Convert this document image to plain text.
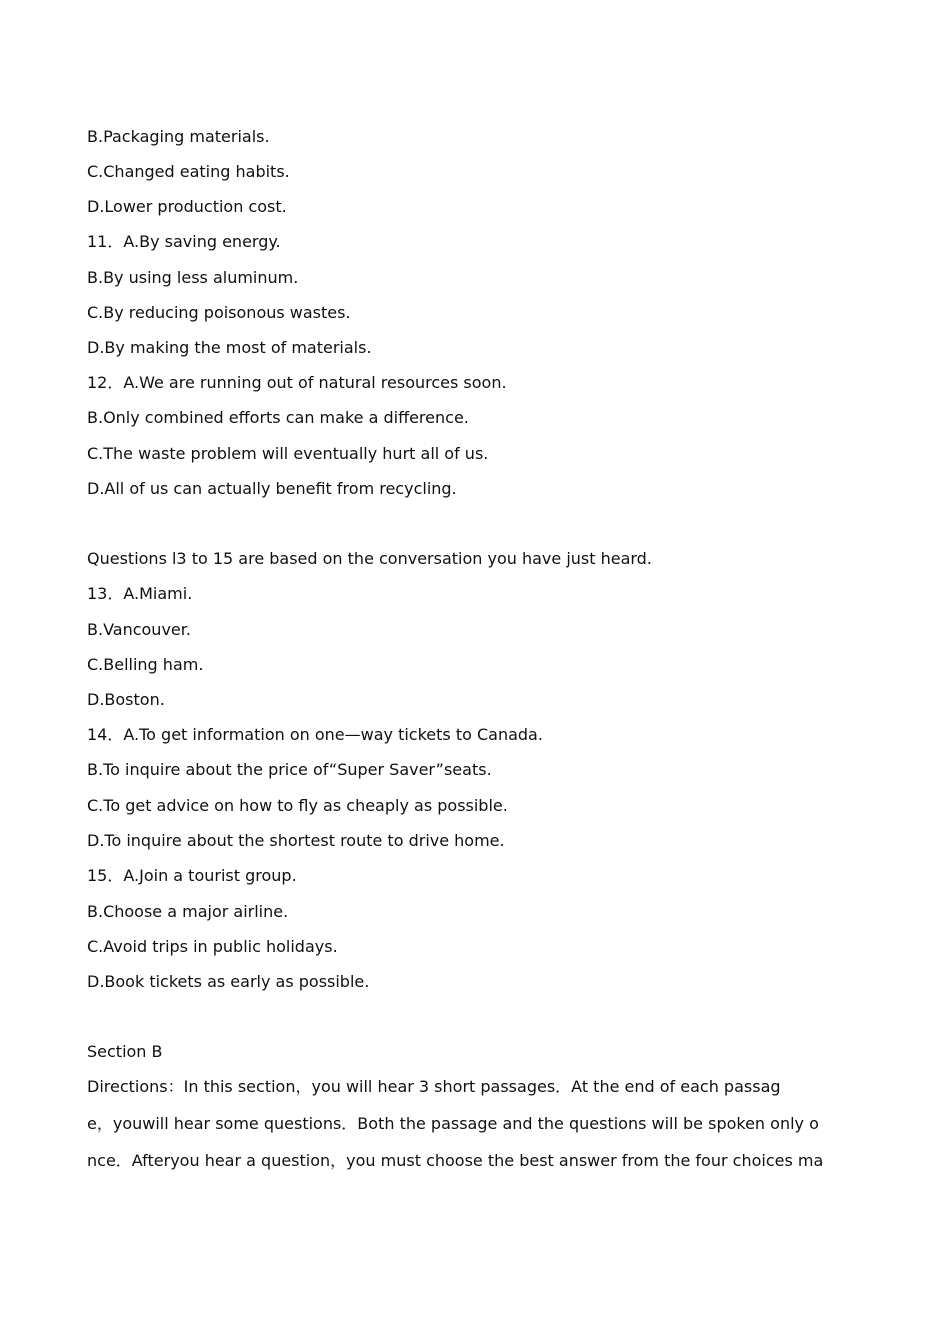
B.Packaging materials.
C.Changed eating habits.
D.Lower production cost.
11．A.By saving energy.
B.By using less aluminum.
C.By reducing poisonous wastes.
D.By making the most of materials.
12．A.We are running out of natural resources soon.
B.Only combined efforts can make a difference.
C.The waste problem will eventually hurt all of us.
D.All of us can actually benefit from recycling.
Questions l3 to 15 are based on the conversation you have just heard.
13．A.Miami.
B.Vancouver.
C.Belling ham.
D.Boston.
14．A.To get information on one—way tickets to Canada.
B.To inquire about the price of“Super Saver”seats.
C.To get advice on how to fly as cheaply as possible.
D.To inquire about the shortest route to drive home.
15．A.Join a tourist group.
B.Choose a major airline.
C.Avoid trips in public holidays.
D.Book tickets as early as possible.
Section B
Directions：In this section，you will hear 3 short passages．At the end of each passag
e，youwill hear some questions．Both the passage and the questions will be spoken only o
nce．Afteryou hear a question，you must choose the best answer from the four choices ma
